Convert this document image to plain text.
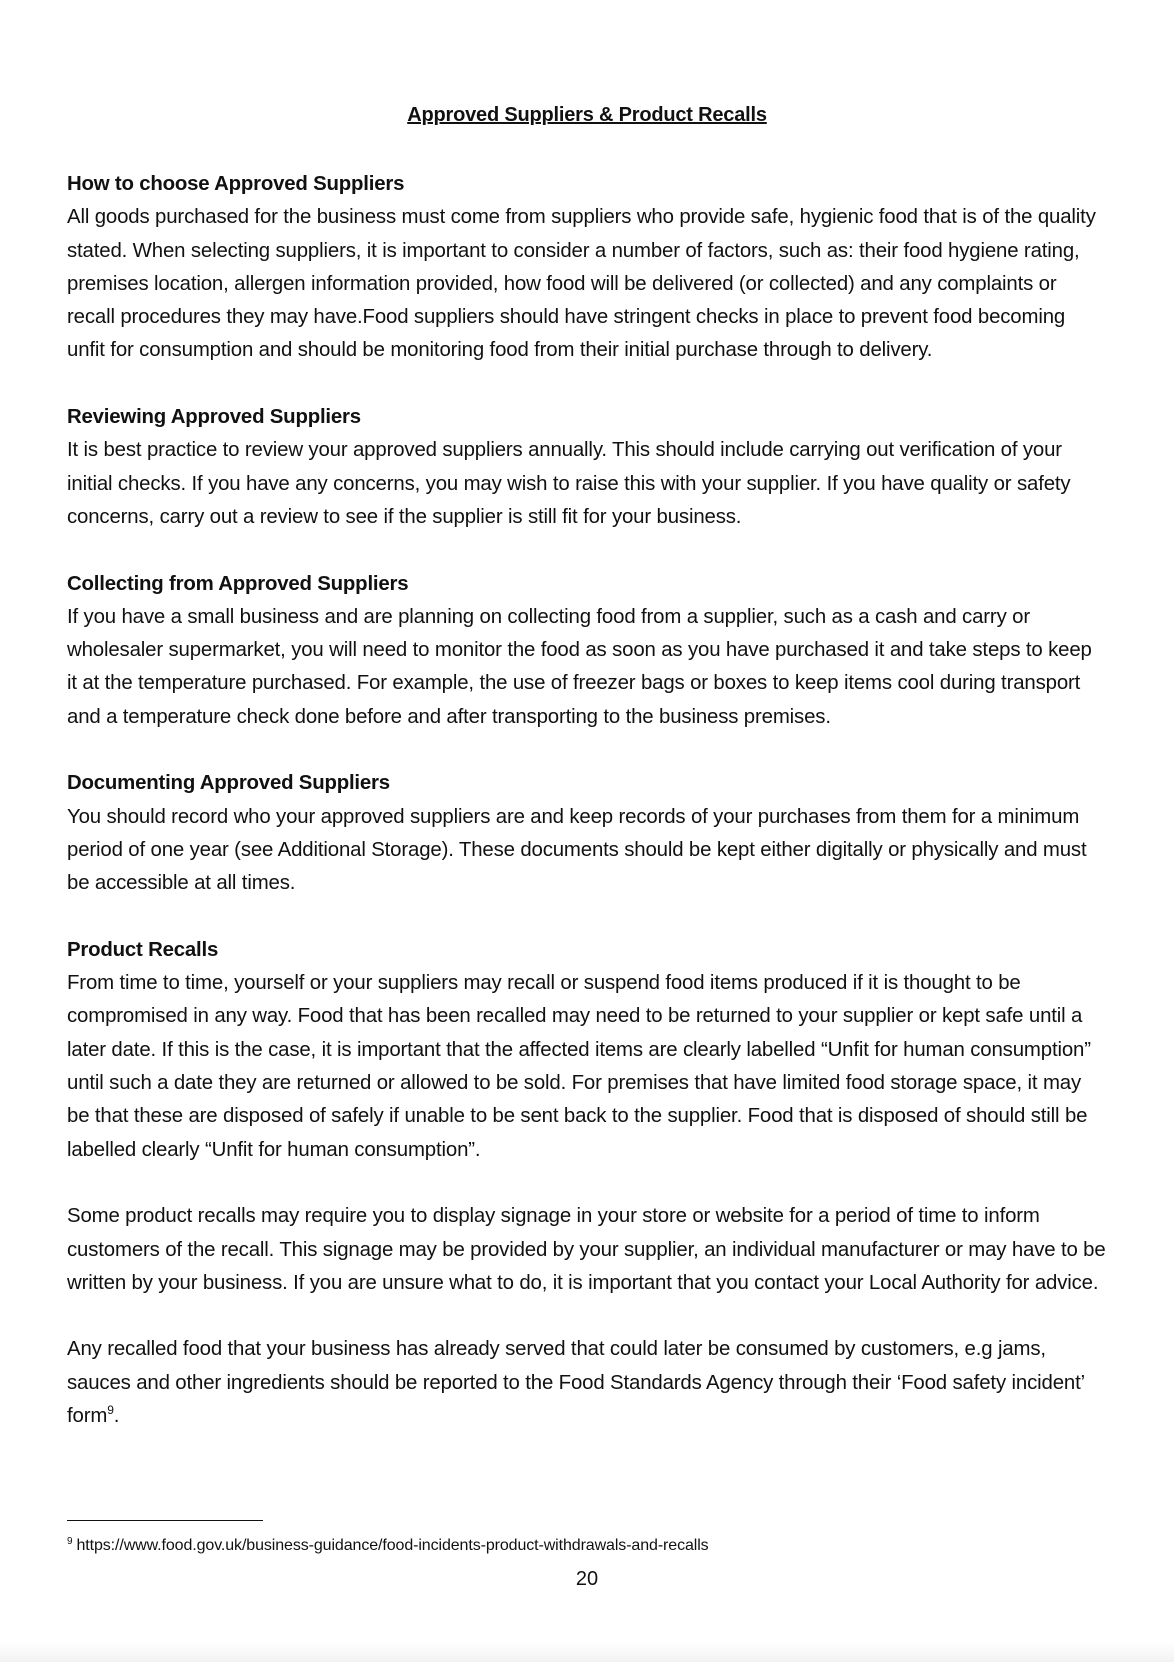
Approved Suppliers & Product Recalls

How to choose Approved Suppliers

All goods purchased for the business must come from suppliers who provide safe, hygienic food that is of the quality stated. When selecting suppliers, it is important to consider a number of factors, such as: their food hygiene rating, premises location, allergen information provided, how food will be delivered (or collected) and any complaints or recall procedures they may have.Food suppliers should have stringent checks in place to prevent food becoming unfit for consumption and should be monitoring food from their initial purchase through to delivery.

Reviewing Approved Suppliers

It is best practice to review your approved suppliers annually. This should include carrying out verification of your initial checks. If you have any concerns, you may wish to raise this with your supplier. If you have quality or safety concerns, carry out a review to see if the supplier is still fit for your business.

Collecting from Approved Suppliers

If you have a small business and are planning on collecting food from a supplier, such as a cash and carry or wholesaler supermarket, you will need to monitor the food as soon as you have purchased it and take steps to keep it at the temperature purchased. For example, the use of freezer bags or boxes to keep items cool during transport and a temperature check done before and after transporting to the business premises.

Documenting Approved Suppliers

You should record who your approved suppliers are and keep records of your purchases from them for a minimum period of one year (see Additional Storage). These documents should be kept either digitally or physically and must be accessible at all times.

Product Recalls

From time to time, yourself or your suppliers may recall or suspend food items produced if it is thought to be compromised in any way. Food that has been recalled may need to be returned to your supplier or kept safe until a later date. If this is the case, it is important that the affected items are clearly labelled “Unfit for human consumption” until such a date they are returned or allowed to be sold. For premises that have limited food storage space, it may be that these are disposed of safely if unable to be sent back to the supplier. Food that is disposed of should still be labelled clearly “Unfit for human consumption”.

Some product recalls may require you to display signage in your store or website for a period of time to inform customers of the recall. This signage may be provided by your supplier, an individual manufacturer or may have to be written by your business. If you are unsure what to do, it is important that you contact your Local Authority for advice.

Any recalled food that your business has already served that could later be consumed by customers, e.g jams, sauces and other ingredients should be reported to the Food Standards Agency through their ‘Food safety incident’ form$^9$.

$^9$ https://www.food.gov.uk/business-guidance/food-incidents-product-withdrawals-and-recalls
20
